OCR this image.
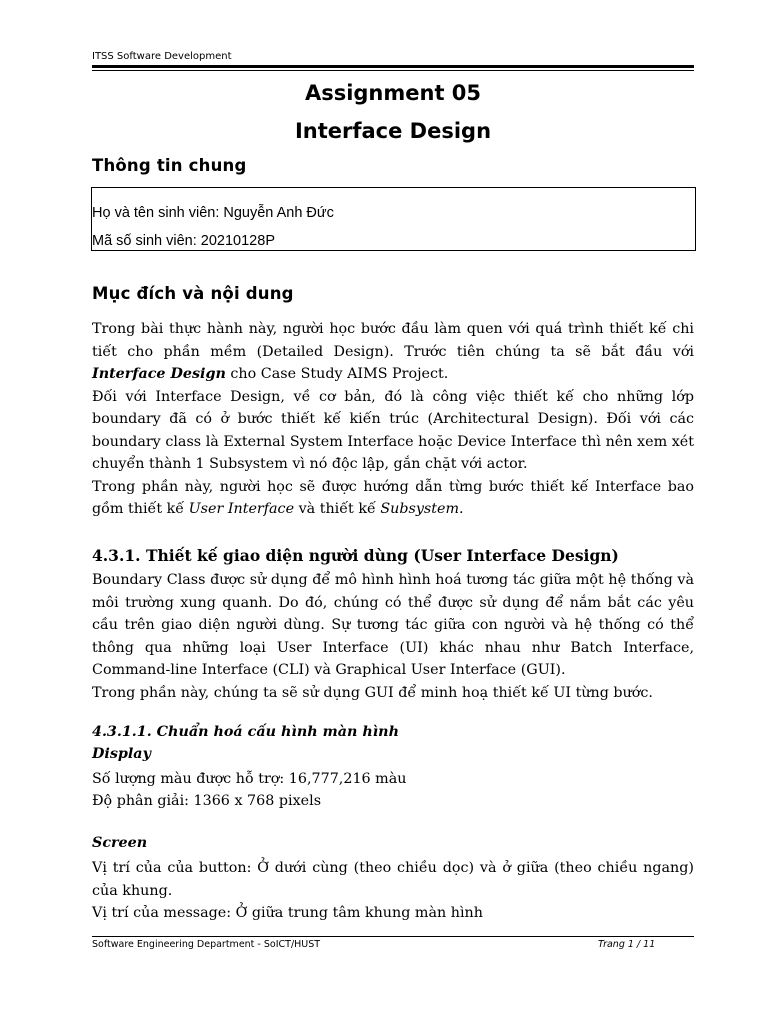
ITSS Software Development
Assignment 05
Interface Design
Thông tin chung
Họ và tên sinh viên: Nguyễn Anh Đức
Mã số sinh viên: 20210128P
Mục đích và nội dung

Trong bài thực hành này, người học bước đầu làm quen với quá trình thiết kế chi tiết cho phần mềm (Detailed Design). Trước tiên chúng ta sẽ bắt đầu với Interface Design cho Case Study AIMS Project.

Đối với Interface Design, về cơ bản, đó là công việc thiết kế cho những lớp boundary đã có ở bước thiết kế kiến trúc (Architectural Design). Đối với các boundary class là External System Interface hoặc Device Interface thì nên xem xét chuyển thành 1 Subsystem vì nó độc lập, gắn chặt với actor.

Trong phần này, người học sẽ được hướng dẫn từng bước thiết kế Interface bao gồm thiết kế User Interface và thiết kế Subsystem.

4.3.1. Thiết kế giao diện người dùng (User Interface Design)

Boundary Class được sử dụng để mô hình hình hoá tương tác giữa một hệ thống và môi trường xung quanh. Do đó, chúng có thể được sử dụng để nắm bắt các yêu cầu trên giao diện người dùng. Sự tương tác giữa con người và hệ thống có thể thông qua những loại User Interface (UI) khác nhau như Batch Interface, Command-line Interface (CLI) và Graphical User Interface (GUI).

Trong phần này, chúng ta sẽ sử dụng GUI để minh hoạ thiết kế UI từng bước.

4.3.1.1. Chuẩn hoá cấu hình màn hình
Display
Số lượng màu được hỗ trợ: 16,777,216 màu
Độ phân giải: 1366 x 768 pixels
Screen
Vị trí của của button: Ở dưới cùng (theo chiều dọc) và ở giữa (theo chiều ngang) của khung.
Vị trí của message: Ở giữa trung tâm khung màn hình
Software Engineering Department - SoICT/HUST	Trang 1 / 11
